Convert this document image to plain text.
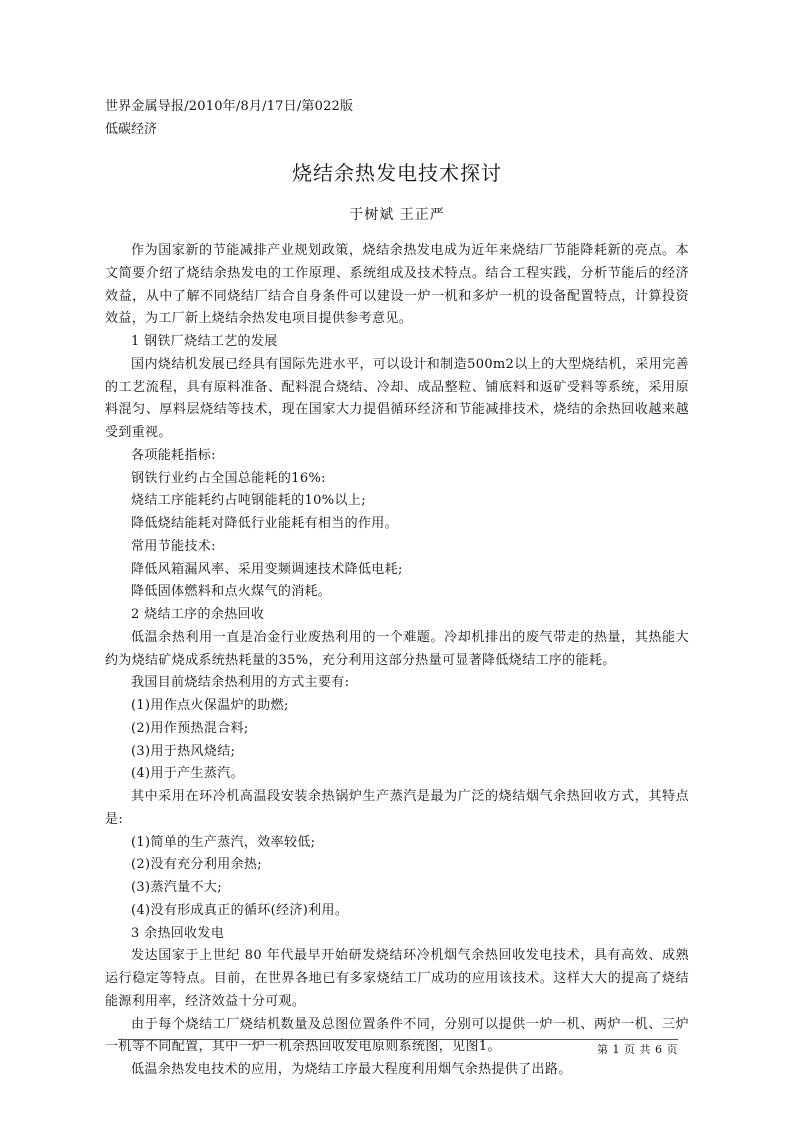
世界金属导报/2010年/8月/17日/第022版
低碳经济
烧结余热发电技术探讨
于树斌 王正严

作为国家新的节能减排产业规划政策，烧结余热发电成为近年来烧结厂节能降耗新的亮点。本文简要介绍了烧结余热发电的工作原理、系统组成及技术特点。结合工程实践，分析节能后的经济效益，从中了解不同烧结厂结合自身条件可以建设一炉一机和多炉一机的设备配置特点，计算投资效益，为工厂新上烧结余热发电项目提供参考意见。

1 钢铁厂烧结工艺的发展

国内烧结机发展已经具有国际先进水平，可以设计和制造500m2以上的大型烧结机，采用完善的工艺流程，具有原料准备、配料混合烧结、冷却、成品整粒、铺底料和返矿受料等系统，采用原料混匀、厚料层烧结等技术，现在国家大力提倡循环经济和节能减排技术，烧结的余热回收越来越受到重视。

各项能耗指标:

钢铁行业约占全国总能耗的16%:

烧结工序能耗约占吨钢能耗的10%以上;

降低烧结能耗对降低行业能耗有相当的作用。

常用节能技术:

降低风箱漏风率、采用变频调速技术降低电耗;

降低固体燃料和点火煤气的消耗。

2 烧结工序的余热回收

低温余热利用一直是冶金行业废热利用的一个难题。冷却机排出的废气带走的热量，其热能大约为烧结矿烧成系统热耗量的35%，充分利用这部分热量可显著降低烧结工序的能耗。

我国目前烧结余热利用的方式主要有:

(1)用作点火保温炉的助燃;

(2)用作预热混合料;

(3)用于热风烧结;

(4)用于产生蒸汽。

其中采用在环冷机高温段安装余热锅炉生产蒸汽是最为广泛的烧结烟气余热回收方式，其特点是:

(1)简单的生产蒸汽，效率较低;

(2)没有充分利用余热;

(3)蒸汽量不大;

(4)没有形成真正的循环(经济)利用。

3 余热回收发电

发达国家于上世纪 80 年代最早开始研发烧结环冷机烟气余热回收发电技术，具有高效、成熟运行稳定等特点。目前，在世界各地已有多家烧结工厂成功的应用该技术。这样大大的提高了烧结能源利用率，经济效益十分可观。

由于每个烧结工厂烧结机数量及总图位置条件不同，分别可以提供一炉一机、两炉一机、三炉一机等不同配置，其中一炉一机余热回收发电原则系统图，见图1。

低温余热发电技术的应用，为烧结工序最大程度利用烟气余热提供了出路。

第 1 页 共 6 页
